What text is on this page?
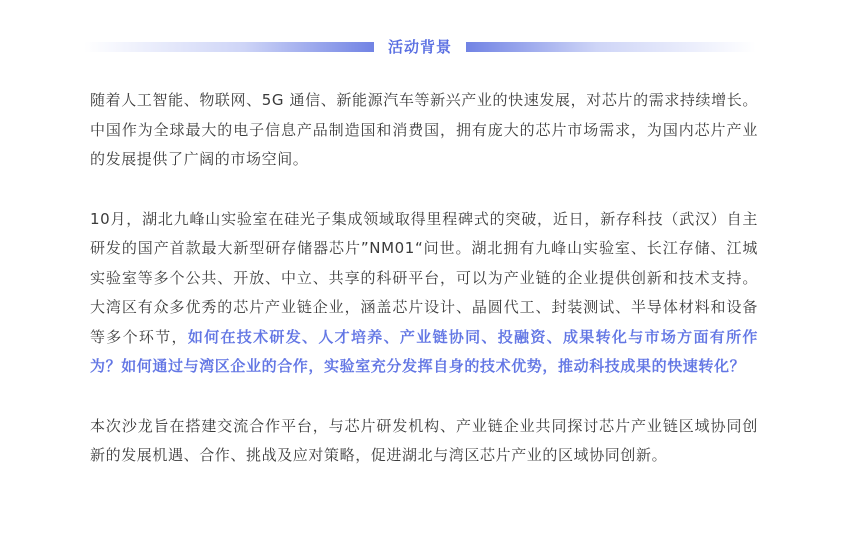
活动背景

随着人工智能、物联网、5G 通信、新能源汽车等新兴产业的快速发展，对芯片的需求持续增长。中国作为全球最大的电子信息产品制造国和消费国，拥有庞大的芯片市场需求，为国内芯片产业的发展提供了广阔的市场空间。

10月，湖北九峰山实验室在硅光子集成领域取得里程碑式的突破，近日，新存科技（武汉）自主研发的国产首款最大新型研存储器芯片”NM01“问世。湖北拥有九峰山实验室、长江存储、江城实验室等多个公共、开放、中立、共享的科研平台，可以为产业链的企业提供创新和技术支持。大湾区有众多优秀的芯片产业链企业，涵盖芯片设计、晶圆代工、封装测试、半导体材料和设备等多个环节，如何在技术研发、人才培养、产业链协同、投融资、成果转化与市场方面有所作为？如何通过与湾区企业的合作，实验室充分发挥自身的技术优势，推动科技成果的快速转化？

本次沙龙旨在搭建交流合作平台，与芯片研发机构、产业链企业共同探讨芯片产业链区域协同创新的发展机遇、合作、挑战及应对策略，促进湖北与湾区芯片产业的区域协同创新。
